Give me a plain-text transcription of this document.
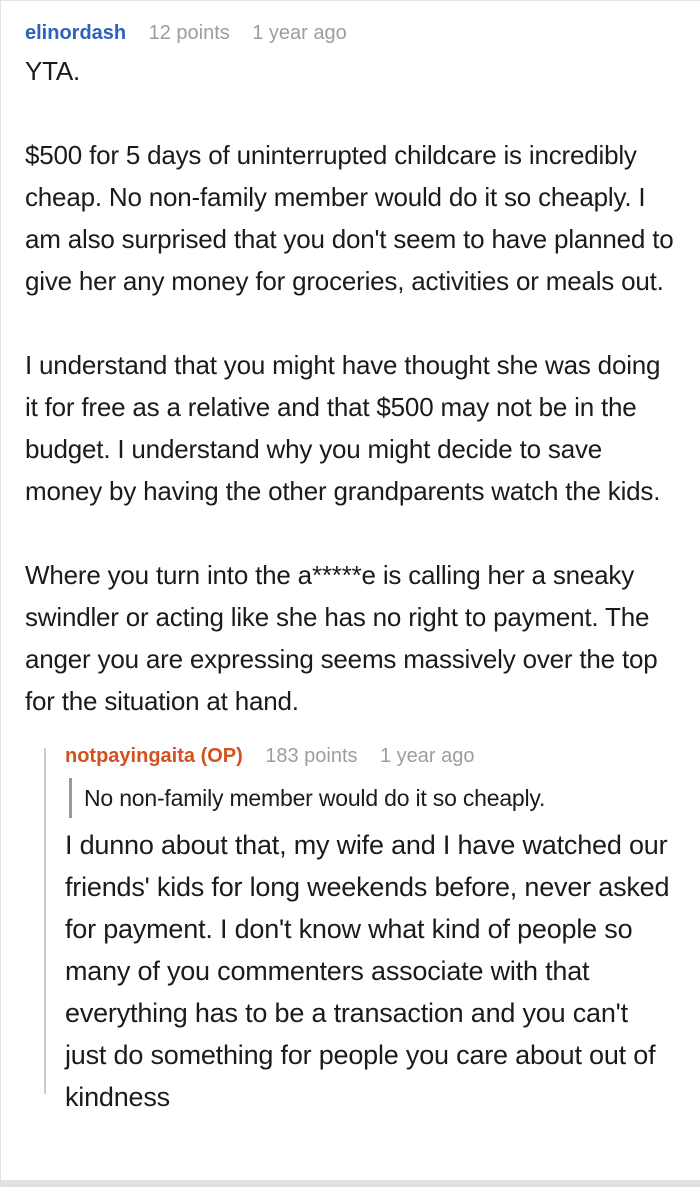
elinordash 12 points 1 year ago

YTA.

$500 for 5 days of uninterrupted childcare is incredibly cheap. No non-family member would do it so cheaply. I am also surprised that you don't seem to have planned to give her any money for groceries, activities or meals out.

I understand that you might have thought she was doing it for free as a relative and that $500 may not be in the budget. I understand why you might decide to save money by having the other grandparents watch the kids.

Where you turn into the a*****e is calling her a sneaky swindler or acting like she has no right to payment. The anger you are expressing seems massively over the top for the situation at hand.

notpayingaita (OP) 183 points 1 year ago
No non-family member would do it so cheaply.

I dunno about that, my wife and I have watched our friends' kids for long weekends before, never asked for payment. I don't know what kind of people so many of you commenters associate with that everything has to be a transaction and you can't just do something for people you care about out of kindness
